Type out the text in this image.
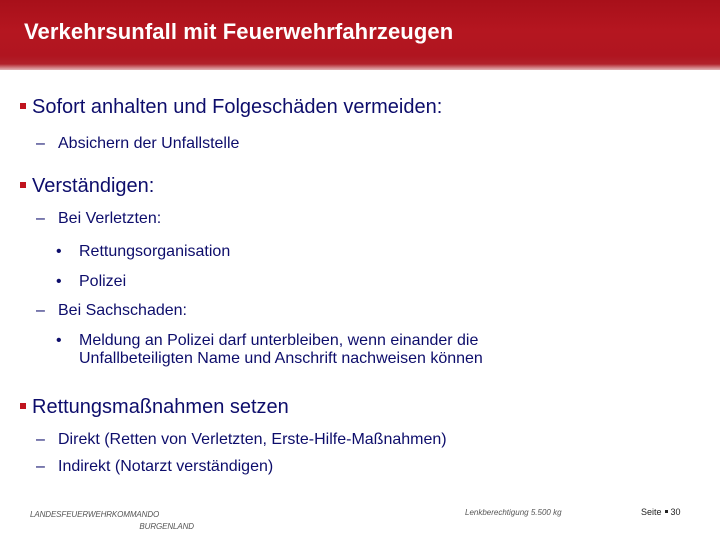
Verkehrsunfall mit Feuerwehrfahrzeugen
Sofort anhalten und Folgeschäden vermeiden:
– Absichern der Unfallstelle
Verständigen:
– Bei Verletzten:
•	Rettungsorganisation
•	Polizei
– Bei Sachschaden:
•	Meldung an Polizei darf unterbleiben, wenn einander die Unfallbeteiligten Name und Anschrift nachweisen können
Rettungsmaßnahmen setzen
– Direkt (Retten von Verletzten, Erste-Hilfe-Maßnahmen)
– Indirekt (Notarzt verständigen)
LANDESFEUERWEHRKOMMANDO
BURGENLAND
Lenkberechtigung 5.500 kg	Seite 30
